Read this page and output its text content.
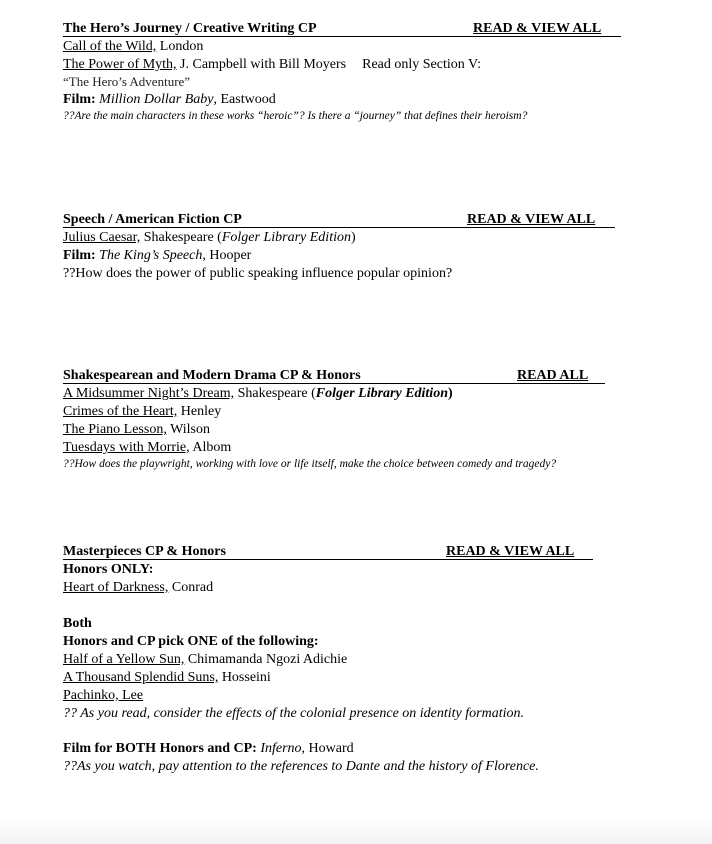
The Hero’s Journey / Creative Writing CP	READ & VIEW ALL
Call of the Wild, London
The Power of Myth, J. Campbell with Bill Moyers Read only Section V:
“The Hero’s Adventure”
Film: Million Dollar Baby, Eastwood
??Are the main characters in these works “heroic”? Is there a “journey” that defines their heroism?
Speech / American Fiction CP	READ & VIEW ALL
Julius Caesar, Shakespeare (Folger Library Edition)
Film: The King’s Speech, Hooper
??How does the power of public speaking influence popular opinion?
Shakespearean and Modern Drama CP & Honors	READ ALL
A Midsummer Night’s Dream, Shakespeare (Folger Library Edition)
Crimes of the Heart, Henley
The Piano Lesson, Wilson
Tuesdays with Morrie, Albom
??How does the playwright, working with love or life itself, make the choice between comedy and tragedy?
Masterpieces CP & Honors	READ & VIEW ALL
Honors ONLY:
Heart of Darkness, Conrad
Both
Honors and CP pick ONE of the following:
Half of a Yellow Sun, Chimamanda Ngozi Adichie
A Thousand Splendid Suns, Hosseini
Pachinko, Lee
?? As you read, consider the effects of the colonial presence on identity formation.
Film for BOTH Honors and CP: Inferno, Howard
??As you watch, pay attention to the references to Dante and the history of Florence.
